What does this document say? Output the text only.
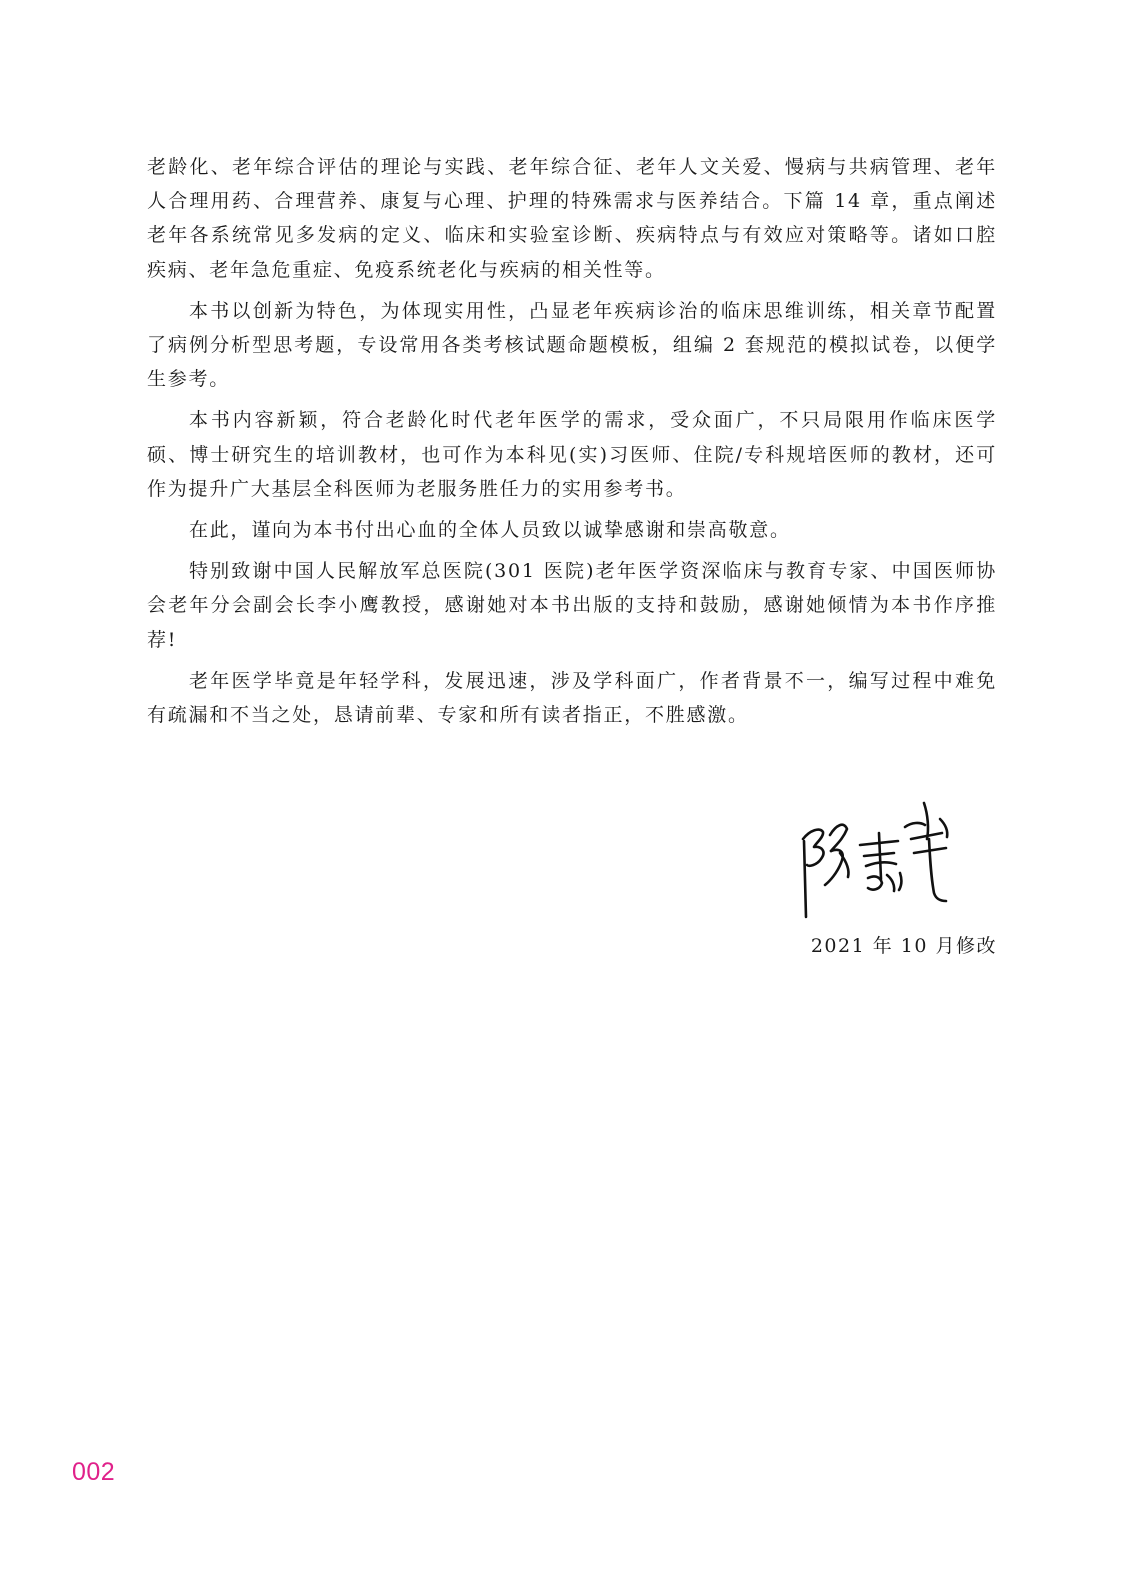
老龄化、老年综合评估的理论与实践、老年综合征、老年人文关爱、慢病与共病管理、老年人合理用药、合理营养、康复与心理、护理的特殊需求与医养结合。下篇 14 章，重点阐述老年各系统常见多发病的定义、临床和实验室诊断、疾病特点与有效应对策略等。诸如口腔疾病、老年急危重症、免疫系统老化与疾病的相关性等。

本书以创新为特色，为体现实用性，凸显老年疾病诊治的临床思维训练，相关章节配置了病例分析型思考题，专设常用各类考核试题命题模板，组编 2 套规范的模拟试卷，以便学生参考。

本书内容新颖，符合老龄化时代老年医学的需求，受众面广，不只局限用作临床医学硕、博士研究生的培训教材，也可作为本科见(实)习医师、住院/专科规培医师的教材，还可作为提升广大基层全科医师为老服务胜任力的实用参考书。

在此，谨向为本书付出心血的全体人员致以诚挚感谢和崇高敬意。

特别致谢中国人民解放军总医院(301 医院)老年医学资深临床与教育专家、中国医师协会老年分会副会长李小鹰教授，感谢她对本书出版的支持和鼓励，感谢她倾情为本书作序推荐!

老年医学毕竟是年轻学科，发展迅速，涉及学科面广，作者背景不一，编写过程中难免有疏漏和不当之处，恳请前辈、专家和所有读者指正，不胜感激。

2021 年 10 月修改
002
